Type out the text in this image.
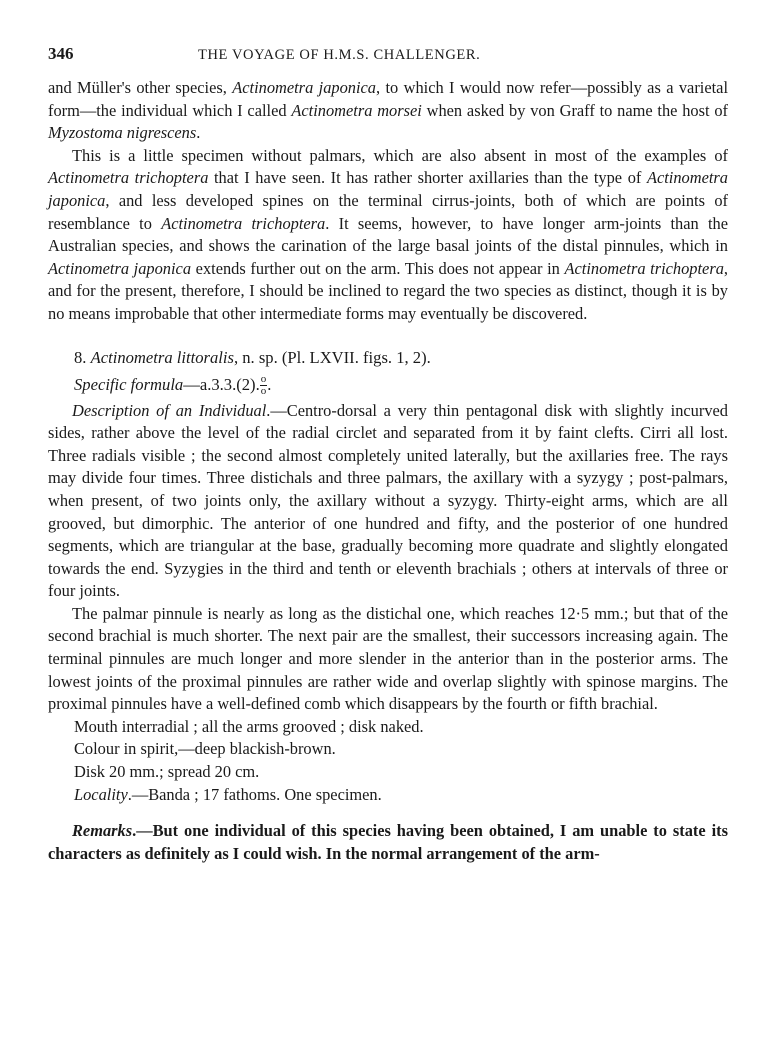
346	THE VOYAGE OF H.M.S. CHALLENGER.

and Müller's other species, Actinometra japonica, to which I would now refer—possibly as a varietal form—the individual which I called Actinometra morsei when asked by von Graff to name the host of Myzostoma nigrescens.

This is a little specimen without palmars, which are also absent in most of the examples of Actinometra trichoptera that I have seen. It has rather shorter axillaries than the type of Actinometra japonica, and less developed spines on the terminal cirrus-joints, both of which are points of resemblance to Actinometra trichoptera. It seems, however, to have longer arm-joints than the Australian species, and shows the carination of the large basal joints of the distal pinnules, which in Actinometra japonica extends further out on the arm. This does not appear in Actinometra trichoptera, and for the present, therefore, I should be inclined to regard the two species as distinct, though it is by no means improbable that other intermediate forms may eventually be discovered.

8. Actinometra littoralis, n. sp. (Pl. LXVII. figs. 1, 2).

Specific formula—a.3.3.(2). $\frac{o}{o}$ .

Description of an Individual.—Centro-dorsal a very thin pentagonal disk with slightly incurved sides, rather above the level of the radial circlet and separated from it by faint clefts. Cirri all lost. Three radials visible ; the second almost completely united laterally, but the axillaries free. The rays may divide four times. Three distichals and three palmars, the axillary with a syzygy ; post-palmars, when present, of two joints only, the axillary without a syzygy. Thirty-eight arms, which are all grooved, but dimorphic. The anterior of one hundred and fifty, and the posterior of one hundred segments, which are triangular at the base, gradually becoming more quadrate and slightly elongated towards the end. Syzygies in the third and tenth or eleventh brachials ; others at intervals of three or four joints.

The palmar pinnule is nearly as long as the distichal one, which reaches 12·5 mm.; but that of the second brachial is much shorter. The next pair are the smallest, their successors increasing again. The terminal pinnules are much longer and more slender in the anterior than in the posterior arms. The lowest joints of the proximal pinnules are rather wide and overlap slightly with spinose margins. The proximal pinnules have a well-defined comb which disappears by the fourth or fifth brachial.

Mouth interradial ; all the arms grooved ; disk naked.

Colour in spirit,—deep blackish-brown.

Disk 20 mm.; spread 20 cm.

Locality.—Banda ; 17 fathoms. One specimen.

Remarks.—But one individual of this species having been obtained, I am unable to state its characters as definitely as I could wish. In the normal arrangement of the arm-
